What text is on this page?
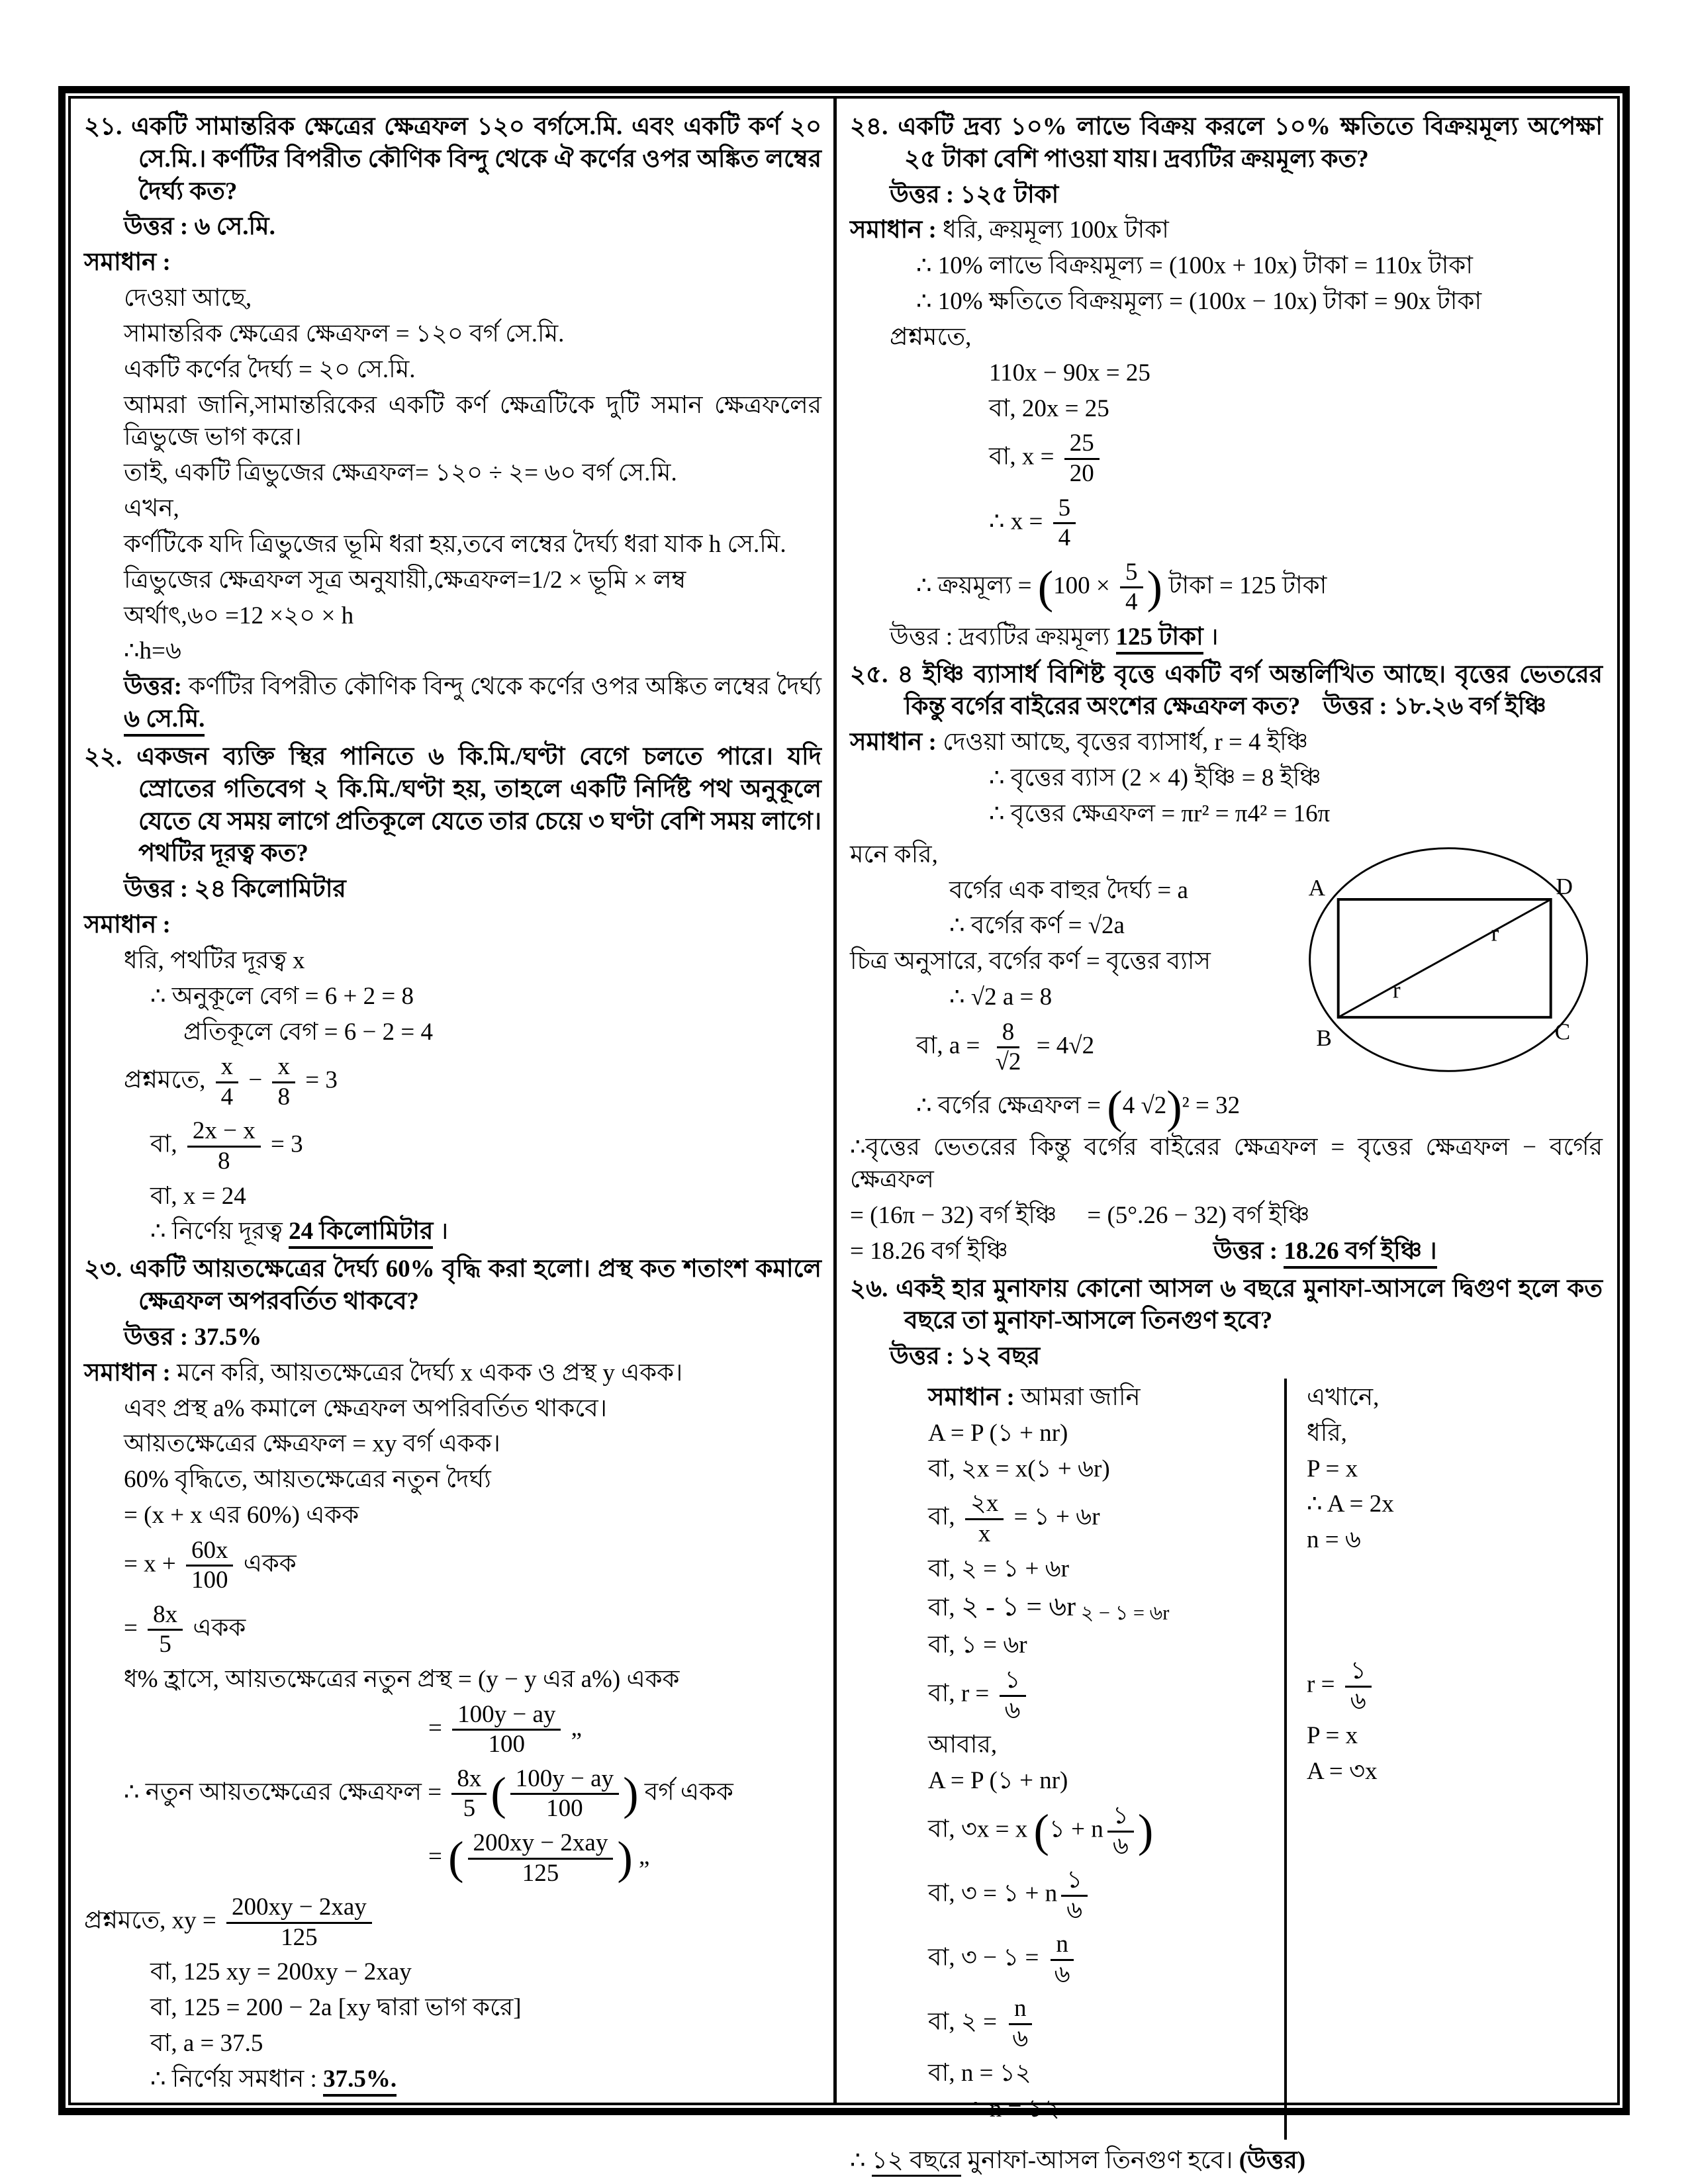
২১. একটি সামান্তরিক ক্ষেত্রের ক্ষেত্রফল ১২০ বর্গসে.মি. এবং একটি কর্ণ ২০ সে.মি.। কর্ণটির বিপরীত কৌণিক বিন্দু থেকে ঐ কর্ণের ওপর অঙ্কিত লম্বের দৈর্ঘ্য কত?
উত্তর : ৬ সে.মি.
সমাধান :
দেওয়া আছে,
সামান্তরিক ক্ষেত্রের ক্ষেত্রফল = ১২০ বর্গ সে.মি.
একটি কর্ণের দৈর্ঘ্য = ২০ সে.মি.
আমরা জানি,সামান্তরিকের একটি কর্ণ ক্ষেত্রটিকে দুটি সমান ক্ষেত্রফলের ত্রিভুজে ভাগ করে।
তাই, একটি ত্রিভুজের ক্ষেত্রফল= ১২০ ÷ ২= ৬০ বর্গ সে.মি.
এখন,
কর্ণটিকে যদি ত্রিভুজের ভূমি ধরা হয়,তবে লম্বের দৈর্ঘ্য ধরা যাক h সে.মি.
ত্রিভুজের ক্ষেত্রফল সূত্র অনুযায়ী,ক্ষেত্রফল=1/2 × ভূমি × লম্ব
অর্থাৎ,৬০ =12 ×২০ × h
∴h=৬
উত্তর: কর্ণটির বিপরীত কৌণিক বিন্দু থেকে কর্ণের ওপর অঙ্কিত লম্বের দৈর্ঘ্য ৬ সে.মি.
২২. একজন ব্যক্তি স্থির পানিতে ৬ কি.মি./ঘণ্টা বেগে চলতে পারে। যদি স্রোতের গতিবেগ ২ কি.মি./ঘণ্টা হয়, তাহলে একটি নির্দিষ্ট পথ অনুকূলে যেতে যে সময় লাগে প্রতিকূলে যেতে তার চেয়ে ৩ ঘণ্টা বেশি সময় লাগে। পথটির দূরত্ব কত?
উত্তর : ২৪ কিলোমিটার
সমাধান :
ধরি, পথটির দূরত্ব x
∴ অনুকূলে বেগ = 6 + 2 = 8
প্রতিকূলে বেগ = 6 − 2 = 4
প্রশ্নমতে, $\frac{x}{4} - \frac{x}{8} = 3$
বা, $\frac{2x - x}{8} = 3$
বা, x = 24
∴ নির্ণেয় দূরত্ব 24 কিলোমিটার ।
২৩. একটি আয়তক্ষেত্রের দৈর্ঘ্য 60% বৃদ্ধি করা হলো। প্রস্থ কত শতাংশ কমালে ক্ষেত্রফল অপরবর্তিত থাকবে?
উত্তর : 37.5%
সমাধান : মনে করি, আয়তক্ষেত্রের দৈর্ঘ্য x একক ও প্রস্থ y একক।
এবং প্রস্থ a% কমালে ক্ষেত্রফল অপরিবর্তিত থাকবে।
আয়তক্ষেত্রের ক্ষেত্রফল = xy বর্গ একক।
60% বৃদ্ধিতে, আয়তক্ষেত্রের নতুন দৈর্ঘ্য
= (x + x এর 60%) একক
= $x + \frac{60x}{100}$ একক
= $\frac{8x}{5}$ একক
ধ% হ্রাসে, আয়তক্ষেত্রের নতুন প্রস্থ = (y − y এর a%) একক
= $\frac{100y - ay}{100}$ „
∴ নতুন আয়তক্ষেত্রের ক্ষেত্রফল = $\frac{8x}{5}$ ( $\frac{100y - ay}{100}$ ) বর্গ একক
= ( 200xy − 2xay
125 ) „
প্রশ্নমতে, xy =
200xy − 2xay
125
বা, 125 xy = 200xy − 2xay
বা, 125 = 200 − 2a [xy দ্বারা ভাগ করে]
বা, a = 37.5
∴ নির্ণেয় সমধান : 37.5%.
২৪. একটি দ্রব্য ১০% লাভে বিক্রয় করলে ১০% ক্ষতিতে বিক্রয়মূল্য অপেক্ষা ২৫ টাকা বেশি পাওয়া যায়। দ্রব্যটির ক্রয়মূল্য কত?
উত্তর : ১২৫ টাকা
সমাধান : ধরি, ক্রয়মূল্য 100x টাকা
∴ 10% লাভে বিক্রয়মূল্য = (100x + 10x) টাকা = 110x টাকা
∴ 10% ক্ষতিতে বিক্রয়মূল্য = (100x − 10x) টাকা = 90x টাকা
প্রশ্নমতে,
110x − 90x = 25
বা, 20x = 25
বা, $x = \frac{25}{20}$
∴ $x = \frac{5}{4}$
∴ ক্রয়মূল্য = ($100 \times \frac{5}{4}$ ) টাকা = 125 টাকা
উত্তর : দ্রব্যটির ক্রয়মূল্য 125 টাকা ।
২৫. ৪ ইঞ্চি ব্যাসার্ধ বিশিষ্ট বৃত্তে একটি বর্গ অন্তর্লিখিত আছে। বৃত্তের ভেতরের কিন্তু বর্গের বাইরের অংশের ক্ষেত্রফল কত? উত্তর : ১৮.২৬ বর্গ ইঞ্চি
সমাধান : দেওয়া আছে, বৃত্তের ব্যাসার্ধ, r = 4 ইঞ্চি
∴ বৃত্তের ব্যাস (2 × 4) ইঞ্চি = 8 ইঞ্চি
∴ বৃত্তের ক্ষেত্রফল = πr² = π4² = 16π
মনে করি,
বর্গের এক বাহুর দৈর্ঘ্য = a
∴ বর্গের কর্ণ = √2a
চিত্র অনুসারে, বর্গের কর্ণ = বৃত্তের ব্যাস
∴ √2 a = 8
বা, $a = \frac{8}{√2} = 4√2$
A	D
B	C
r
r
∴ বর্গের ক্ষেত্রফল = (4 √2)² = 32
∴বৃত্তের ভেতরের কিন্তু বর্গের বাইরের ক্ষেত্রফল = বৃত্তের ক্ষেত্রফল − বর্গের ক্ষেত্রফল
= (16π − 32) বর্গ ইঞ্চি = (5°.26 − 32) বর্গ ইঞ্চি
= 18.26 বর্গ ইঞ্চি	উত্তর : 18.26 বর্গ ইঞ্চি ।
২৬. একই হার মুনাফায় কোনো আসল ৬ বছরে মুনাফা-আসলে দ্বিগুণ হলে কত বছরে তা মুনাফা-আসলে তিনগুণ হবে?
উত্তর : ১২ বছর
সমাধান : আমরা জানি
A = P (১ + nr)
বা, ২x = x(১ + ৬r)
বা, $\frac{২x}{x}$ = ১ + ৬r
বা, ২ = ১ + ৬r
বা, ২ - ১ = ৬r ২ − ১ = ৬r
বা, ১ = ৬r
বা, r =
১
৬
আবার,
A = P (১ + nr)
বা, ৩x = x (১ + n
১
৬ )
বা, ৩ = ১ + n
১
৬
বা, ৩ − ১ =
n
৬
বা, ২ =
n
৬
বা, n = ১২
∴ n = ১২
এখানে,
ধরি,
P = x
∴ A = 2x
n = ৬
r =
১
৬
P = x
A = ৩x
∴ ১২ বছরে মুনাফা-আসল তিনগুণ হবে। (উত্তর)
